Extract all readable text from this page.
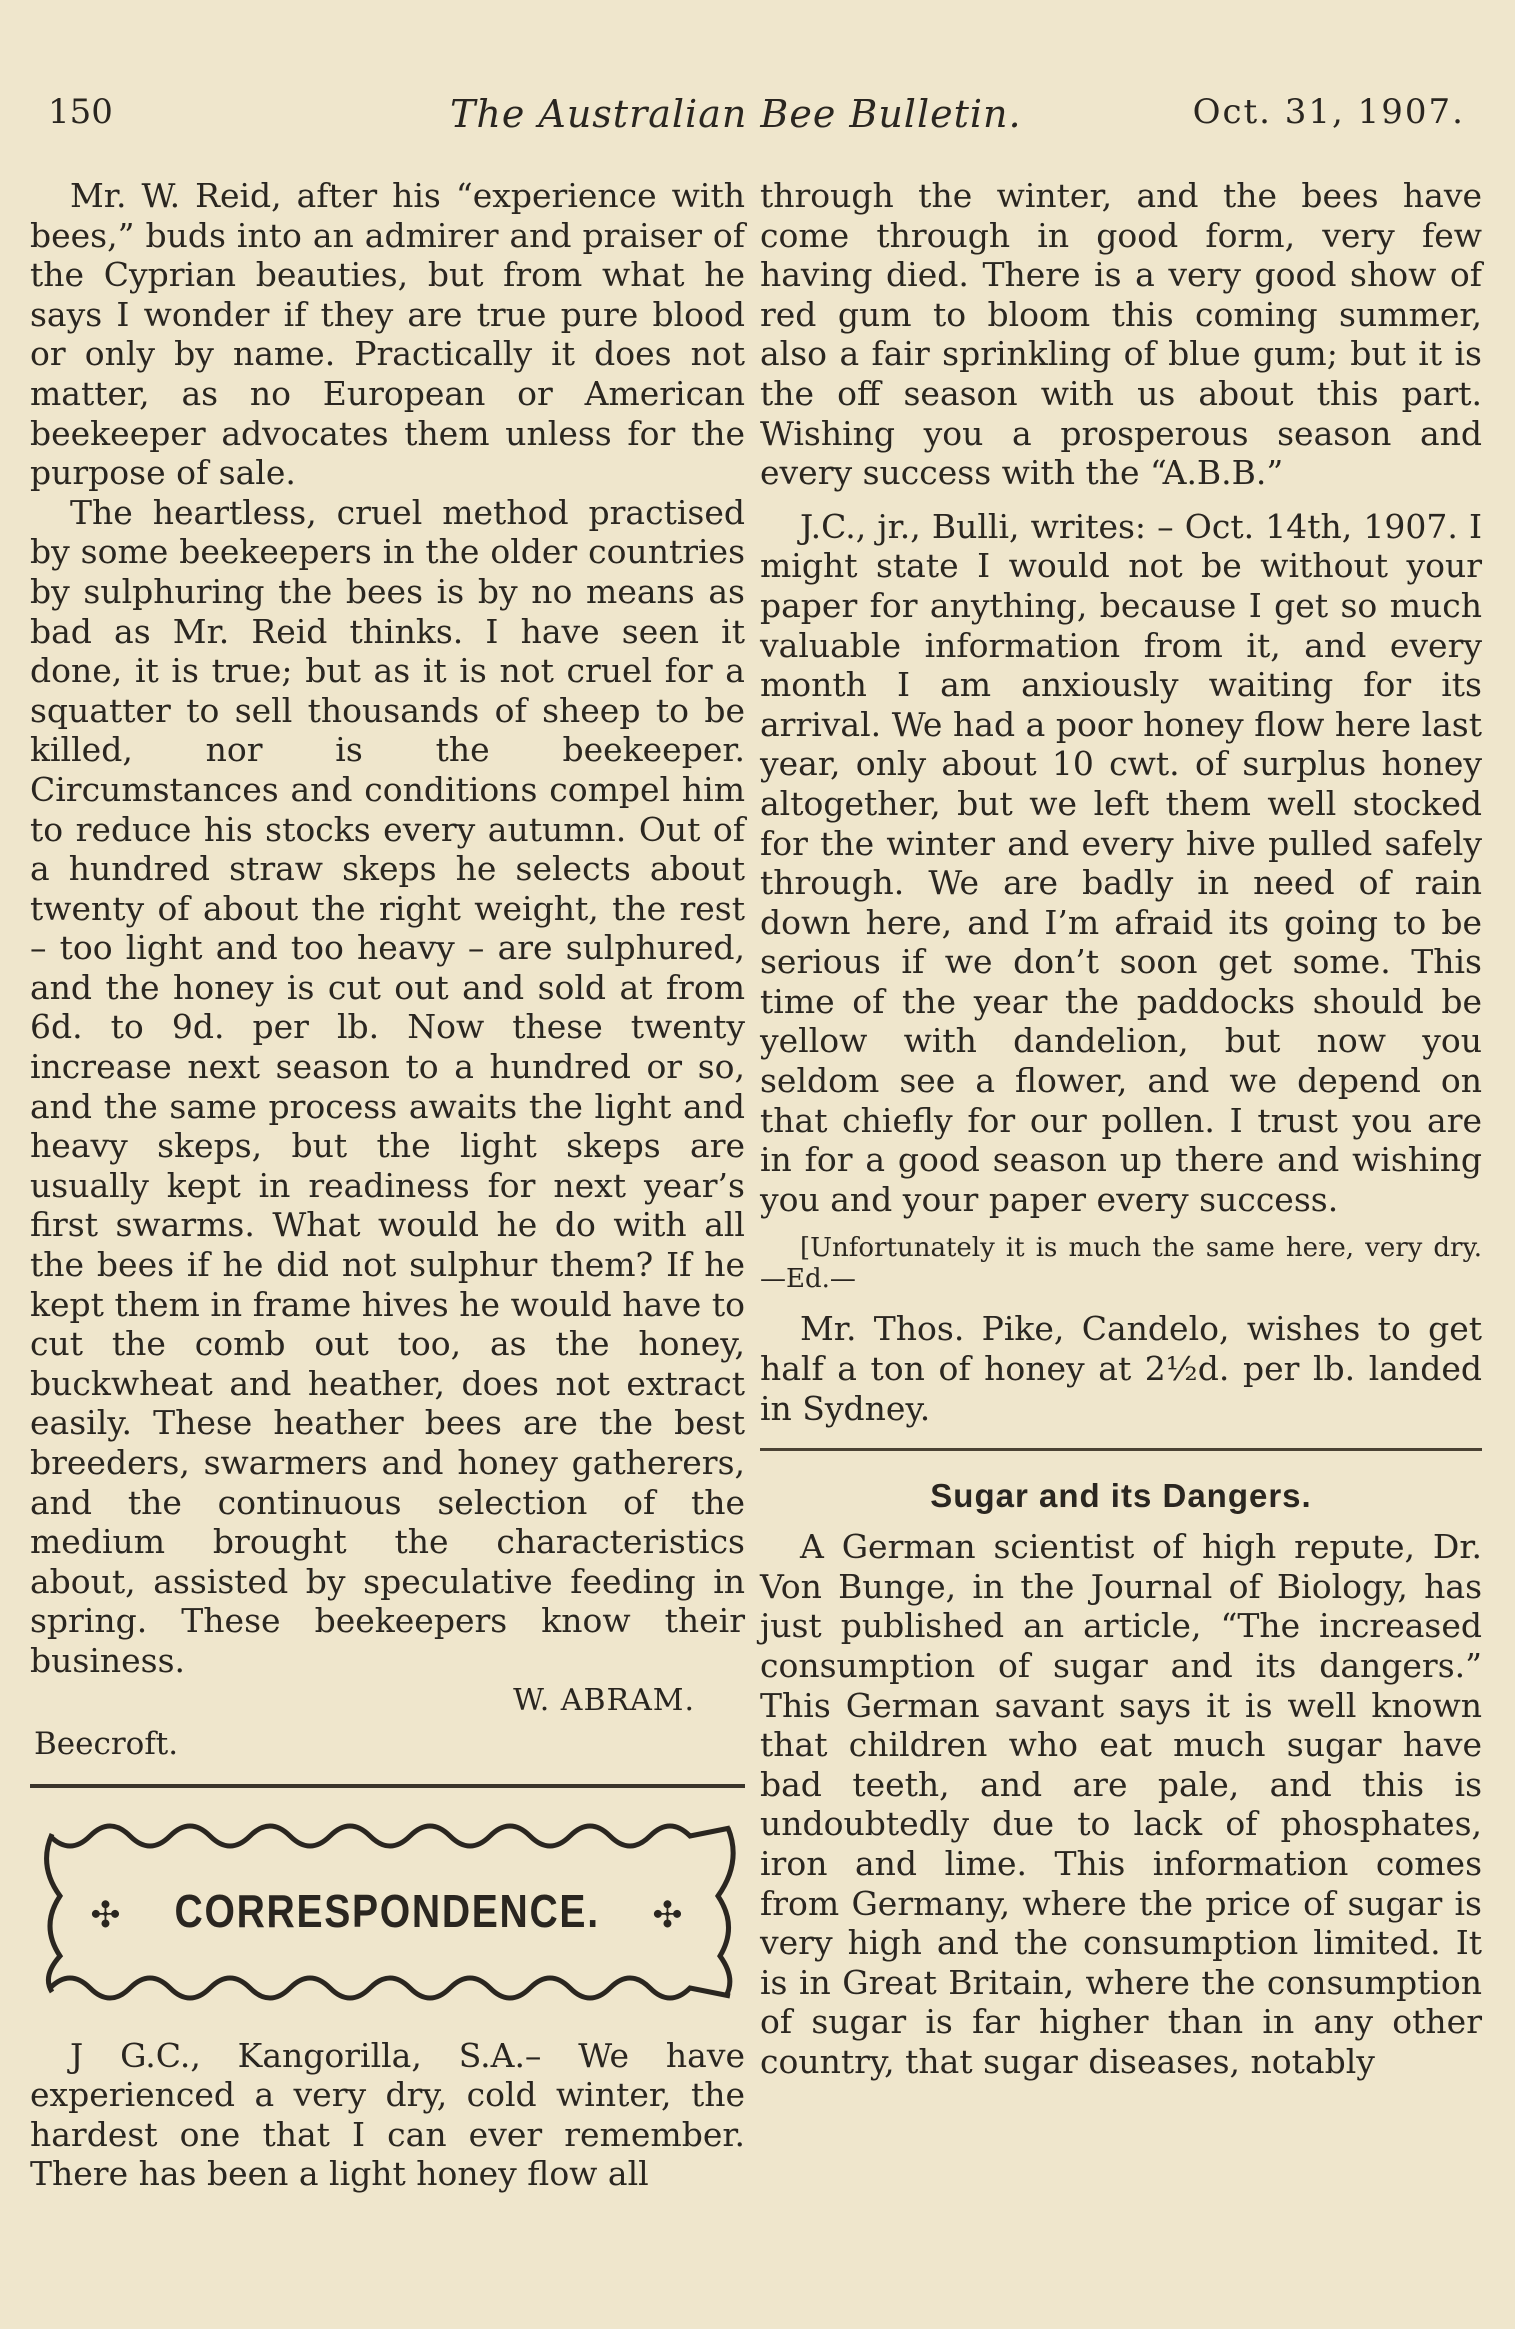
150	The Australian Bee Bulletin.	Oct. 31, 1907.

Mr. W. Reid, after his “experience with bees,” buds into an admirer and praiser of the Cyprian beauties, but from what he says I wonder if they are true pure blood or only by name. Practically it does not matter, as no European or American beekeeper advocates them unless for the purpose of sale.

The heartless, cruel method practised by some beekeepers in the older countries by sulphuring the bees is by no means as bad as Mr. Reid thinks. I have seen it done, it is true; but as it is not cruel for a squatter to sell thousands of sheep to be killed, nor is the beekeeper. Circumstances and conditions compel him to reduce his stocks every autumn. Out of a hundred straw skeps he selects about twenty of about the right weight, the rest – too light and too heavy – are sulphured, and the honey is cut out and sold at from 6d. to 9d. per lb. Now these twenty increase next season to a hundred or so, and the same process awaits the light and heavy skeps, but the light skeps are usually kept in readiness for next year’s first swarms. What would he do with all the bees if he did not sulphur them? If he kept them in frame hives he would have to cut the comb out too, as the honey, buckwheat and heather, does not extract easily. These heather bees are the best breeders, swarmers and honey gatherers, and the continuous selection of the medium brought the characteristics about, assisted by speculative feeding in spring. These beekeepers know their business.

W. ABRAM.
Beecroft.
✣ CORRESPONDENCE. ✣

J G.C., Kangorilla, S.A.– We have experienced a very dry, cold winter, the hardest one that I can ever remember. There has been a light honey flow all

through the winter, and the bees have come through in good form, very few having died. There is a very good show of red gum to bloom this coming summer, also a fair sprinkling of blue gum; but it is the off season with us about this part. Wishing you a prosperous season and every success with the “A.B.B.”

J.C., jr., Bulli, writes: – Oct. 14th, 1907. I might state I would not be without your paper for anything, because I get so much valuable information from it, and every month I am anxiously waiting for its arrival. We had a poor honey flow here last year, only about 10 cwt. of surplus honey altogether, but we left them well stocked for the winter and every hive pulled safely through. We are badly in need of rain down here, and I’m afraid its going to be serious if we don’t soon get some. This time of the year the paddocks should be yellow with dandelion, but now you seldom see a flower, and we depend on that chiefly for our pollen. I trust you are in for a good season up there and wishing you and your paper every success.

[Unfortunately it is much the same here, very dry.—Ed.—

Mr. Thos. Pike, Candelo, wishes to get half a ton of honey at 2½d. per lb. landed in Sydney.

Sugar and its Dangers.

A German scientist of high repute, Dr. Von Bunge, in the Journal of Biology, has just published an article, “The increased consumption of sugar and its dangers.” This German savant says it is well known that children who eat much sugar have bad teeth, and are pale, and this is undoubtedly due to lack of phosphates, iron and lime. This information comes from Germany, where the price of sugar is very high and the consumption limited. It is in Great Britain, where the consumption of sugar is far higher than in any other country, that sugar diseases, notably
